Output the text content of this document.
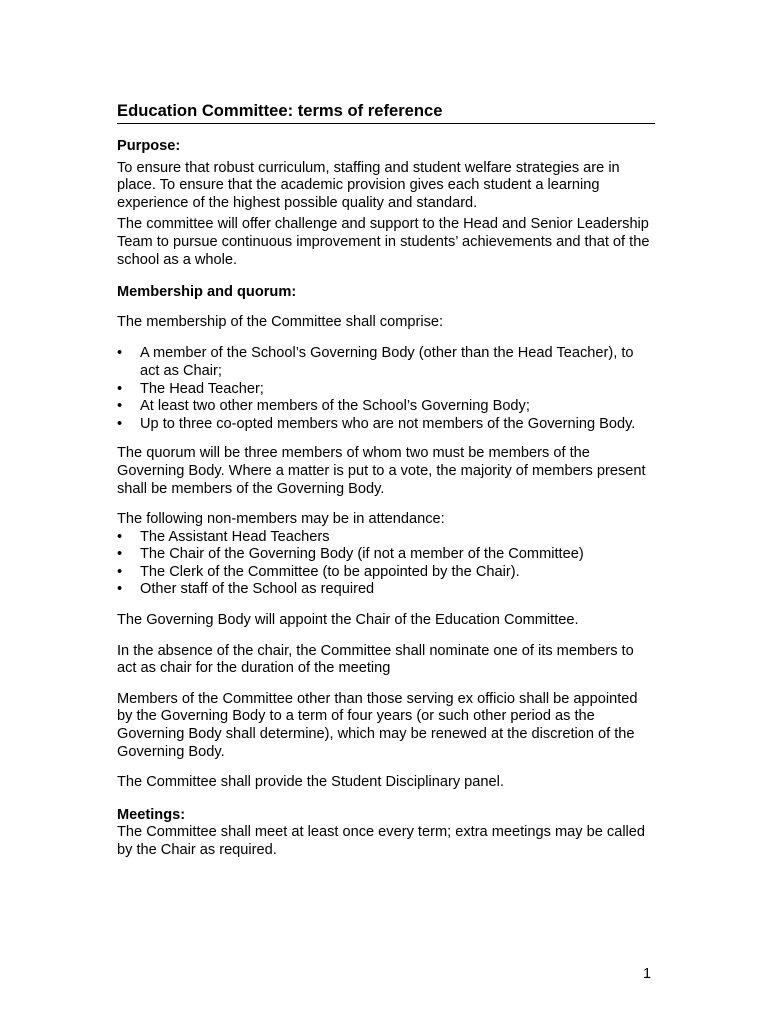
Education Committee: terms of reference

Purpose:

To ensure that robust curriculum, staffing and student welfare strategies are in place. To ensure that the academic provision gives each student a learning experience of the highest possible quality and standard.

The committee will offer challenge and support to the Head and Senior Leadership Team to pursue continuous improvement in students’ achievements and that of the school as a whole.

Membership and quorum:

The membership of the Committee shall comprise:

• A member of the School’s Governing Body (other than the Head Teacher), to act as Chair;
• The Head Teacher;
• At least two other members of the School’s Governing Body;
• Up to three co-opted members who are not members of the Governing Body.

The quorum will be three members of whom two must be members of the Governing Body. Where a matter is put to a vote, the majority of members present shall be members of the Governing Body.

The following non-members may be in attendance:

• The Assistant Head Teachers
• The Chair of the Governing Body (if not a member of the Committee)
• The Clerk of the Committee (to be appointed by the Chair).
• Other staff of the School as required

The Governing Body will appoint the Chair of the Education Committee.

In the absence of the chair, the Committee shall nominate one of its members to act as chair for the duration of the meeting

Members of the Committee other than those serving ex officio shall be appointed by the Governing Body to a term of four years (or such other period as the Governing Body shall determine), which may be renewed at the discretion of the Governing Body.

The Committee shall provide the Student Disciplinary panel.

Meetings:

The Committee shall meet at least once every term; extra meetings may be called by the Chair as required.

1
